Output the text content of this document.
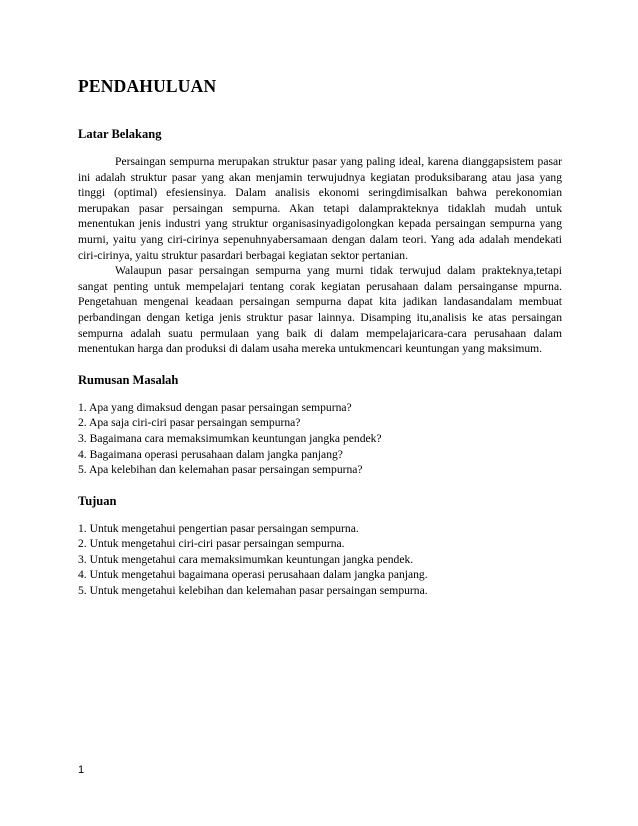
PENDAHULUAN
Latar Belakang

Persaingan sempurna merupakan struktur pasar yang paling ideal, karena dianggapsistem pasar ini adalah struktur pasar yang akan menjamin terwujudnya kegiatan produksibarang atau jasa yang tinggi (optimal) efesiensinya. Dalam analisis ekonomi seringdimisalkan bahwa perekonomian merupakan pasar persaingan sempurna. Akan tetapi dalamprakteknya tidaklah mudah untuk menentukan jenis industri yang struktur organisasinyadigolongkan kepada persaingan sempurna yang murni, yaitu yang ciri-cirinya sepenuhnyabersamaan dengan dalam teori. Yang ada adalah mendekati ciri-cirinya, yaitu struktur pasardari berbagai kegiatan sektor pertanian.

Walaupun pasar persaingan sempurna yang murni tidak terwujud dalam prakteknya,tetapi sangat penting untuk mempelajari tentang corak kegiatan perusahaan dalam persainganse mpurna. Pengetahuan mengenai keadaan persaingan sempurna dapat kita jadikan landasandalam membuat perbandingan dengan ketiga jenis struktur pasar lainnya. Disamping itu,analisis ke atas persaingan sempurna adalah suatu permulaan yang baik di dalam mempelajaricara-cara perusahaan dalam menentukan harga dan produksi di dalam usaha mereka untukmencari keuntungan yang maksimum.

Rumusan Masalah
1. Apa yang dimaksud dengan pasar persaingan sempurna?
2. Apa saja ciri-ciri pasar persaingan sempurna?
3. Bagaimana cara memaksimumkan keuntungan jangka pendek?
4. Bagaimana operasi perusahaan dalam jangka panjang?
5. Apa kelebihan dan kelemahan pasar persaingan sempurna?
Tujuan
1. Untuk mengetahui pengertian pasar persaingan sempurna.
2. Untuk mengetahui ciri-ciri pasar persaingan sempurna.
3. Untuk mengetahui cara memaksimumkan keuntungan jangka pendek.
4. Untuk mengetahui bagaimana operasi perusahaan dalam jangka panjang.
5. Untuk mengetahui kelebihan dan kelemahan pasar persaingan sempurna.
1
